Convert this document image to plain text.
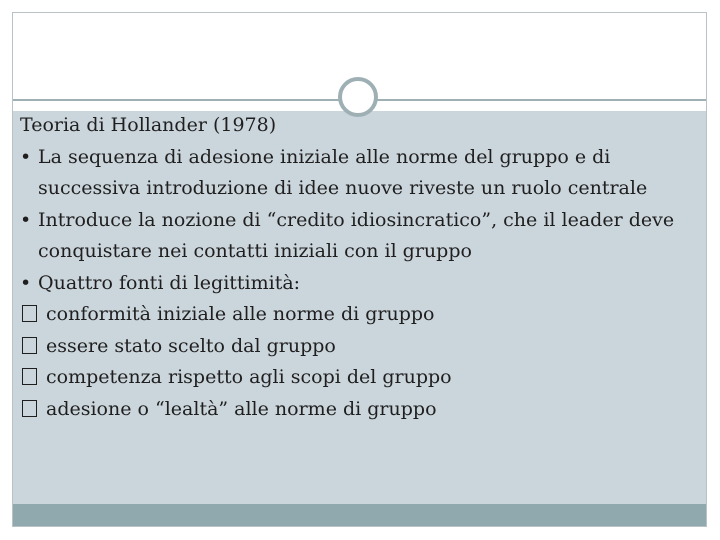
Teoria di Hollander (1978)
• La sequenza di adesione iniziale alle norme del gruppo e di successiva introduzione di idee nuove riveste un ruolo centrale
• Introduce la nozione di “credito idiosincratico”, che il leader deve conquistare nei contatti iniziali con il gruppo
• Quattro fonti di legittimità:
conformità iniziale alle norme di gruppo
essere stato scelto dal gruppo
competenza rispetto agli scopi del gruppo
adesione o “lealtà” alle norme di gruppo
